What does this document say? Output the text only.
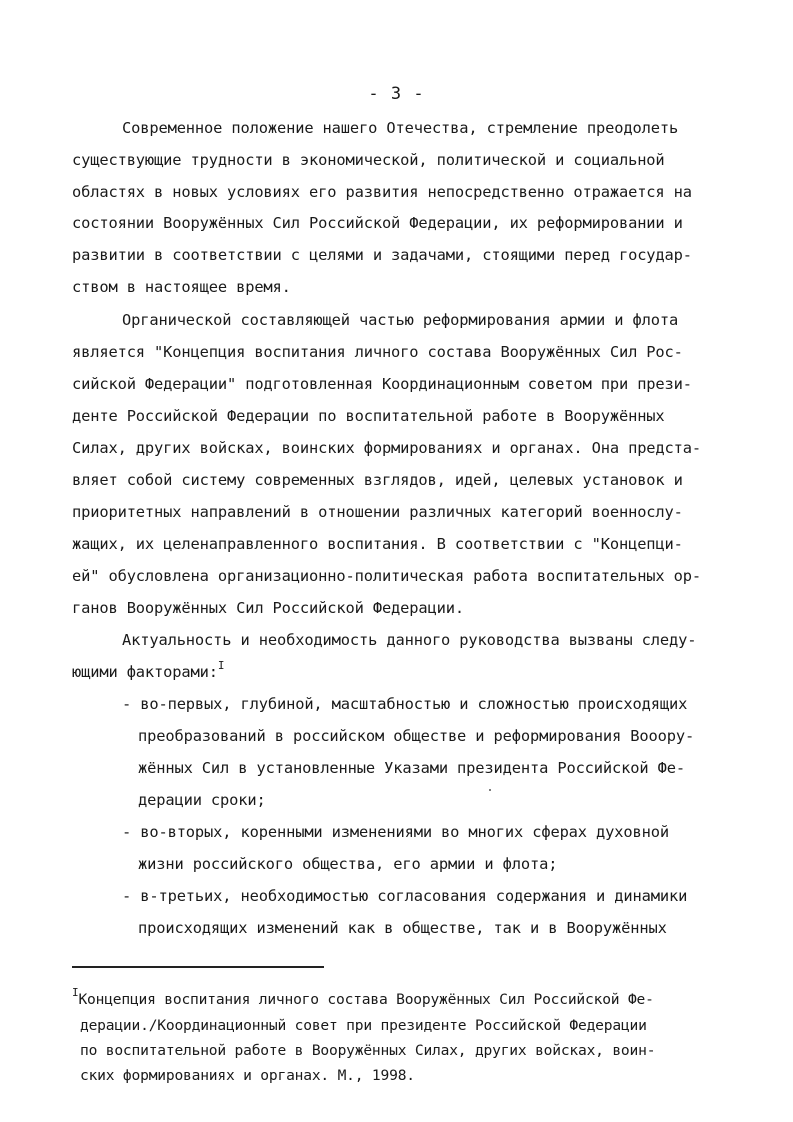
- 3 -
Современное положение нашего Отечества, стремление преодолеть
существующие трудности в экономической, политической и социальной
областях в новых условиях его развития непосредственно отражается на
состоянии Вооружённых Сил Российской Федерации, их реформировании и
развитии в соответствии с целями и задачами, стоящими перед государ-
ством в настоящее время.
Органической составляющей частью реформирования армии и флота
является "Концепция воспитания личного состава Вооружённых Сил Рос-
сийской Федерации" подготовленная Координационным советом при прези-
денте Российской Федерации по воспитательной работе в Вооружённых
Силах, других войсках, воинских формированиях и органах. Она предста-
вляет собой систему современных взглядов, идей, целевых установок и
приоритетных направлений в отношении различных категорий военнослу-
жащих, их целенаправленного воспитания. В соответствии с "Концепци-
ей" обусловлена организационно-политическая работа воспитательных ор-
ганов Вооружённых Сил Российской Федерации.
Актуальность и необходимость данного руководства вызваны следу-
ющими факторами:$^I$
- во-первых, глубиной, масштабностью и сложностью происходящих
преобразований в российском обществе и реформирования Вооору-
жённых Сил в установленные Указами президента Российской Фе-
дерации сроки;
- во-вторых, коренными изменениями во многих сферах духовной
жизни российского общества, его армии и флота;
- в-третьих, необходимостью согласования содержания и динамики
происходящих изменений как в обществе, так и в Вооружённых
$^I$Концепция воспитания личного состава Вооружённых Сил Российской Фе-
дерации./Координационный совет при президенте Российской Федерации
по воспитательной работе в Вооружённых Силах, других войсках, воин-
ских формированиях и органах. М., 1998.
